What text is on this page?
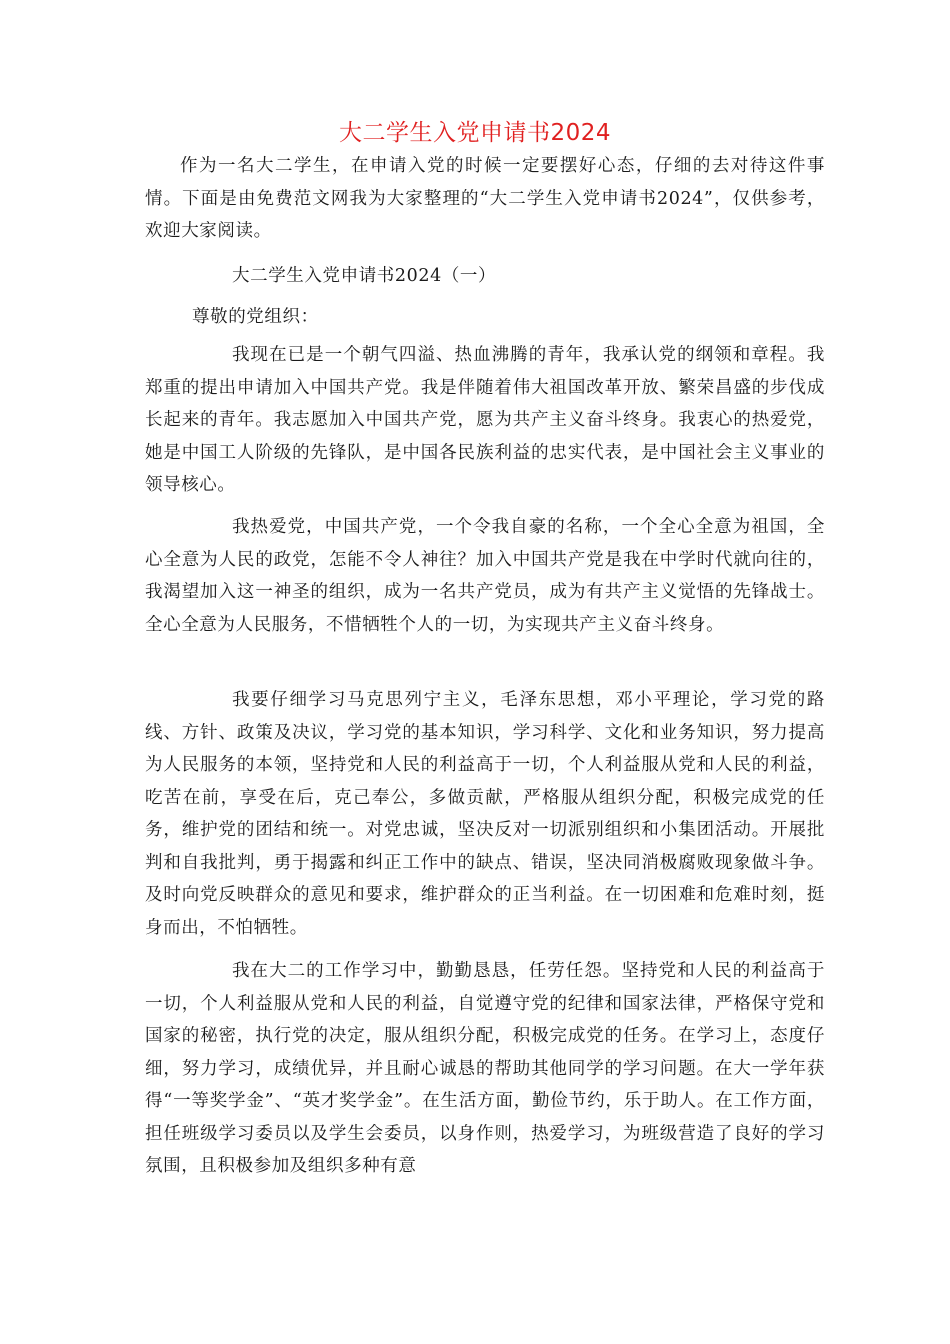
大二学生入党申请书2024

作为一名大二学生，在申请入党的时候一定要摆好心态，仔细的去对待这件事情。下面是由免费范文网我为大家整理的“大二学生入党申请书2024”，仅供参考，欢迎大家阅读。

大二学生入党申请书2024（一）
尊敬的党组织：

我现在已是一个朝气四溢、热血沸腾的青年，我承认党的纲领和章程。我郑重的提出申请加入中国共产党。我是伴随着伟大祖国改革开放、繁荣昌盛的步伐成长起来的青年。我志愿加入中国共产党，愿为共产主义奋斗终身。我衷心的热爱党，她是中国工人阶级的先锋队，是中国各民族利益的忠实代表，是中国社会主义事业的领导核心。

我热爱党，中国共产党，一个令我自豪的名称，一个全心全意为祖国，全心全意为人民的政党，怎能不令人神往？加入中国共产党是我在中学时代就向往的，我渴望加入这一神圣的组织，成为一名共产党员，成为有共产主义觉悟的先锋战士。全心全意为人民服务，不惜牺牲个人的一切，为实现共产主义奋斗终身。

我要仔细学习马克思列宁主义，毛泽东思想，邓小平理论，学习党的路线、方针、政策及决议，学习党的基本知识，学习科学、文化和业务知识，努力提高为人民服务的本领，坚持党和人民的利益高于一切，个人利益服从党和人民的利益，吃苦在前，享受在后，克己奉公，多做贡献，严格服从组织分配，积极完成党的任务，维护党的团结和统一。对党忠诚，坚决反对一切派别组织和小集团活动。开展批判和自我批判，勇于揭露和纠正工作中的缺点、错误，坚决同消极腐败现象做斗争。及时向党反映群众的意见和要求，维护群众的正当利益。在一切困难和危难时刻，挺身而出，不怕牺牲。

我在大二的工作学习中，勤勤恳恳，任劳任怨。坚持党和人民的利益高于一切，个人利益服从党和人民的利益，自觉遵守党的纪律和国家法律，严格保守党和国家的秘密，执行党的决定，服从组织分配，积极完成党的任务。在学习上，态度仔细，努力学习，成绩优异，并且耐心诚恳的帮助其他同学的学习问题。在大一学年获得“一等奖学金”、“英才奖学金”。在生活方面，勤俭节约，乐于助人。在工作方面，担任班级学习委员以及学生会委员，以身作则，热爱学习，为班级营造了良好的学习氛围，且积极参加及组织多种有意
